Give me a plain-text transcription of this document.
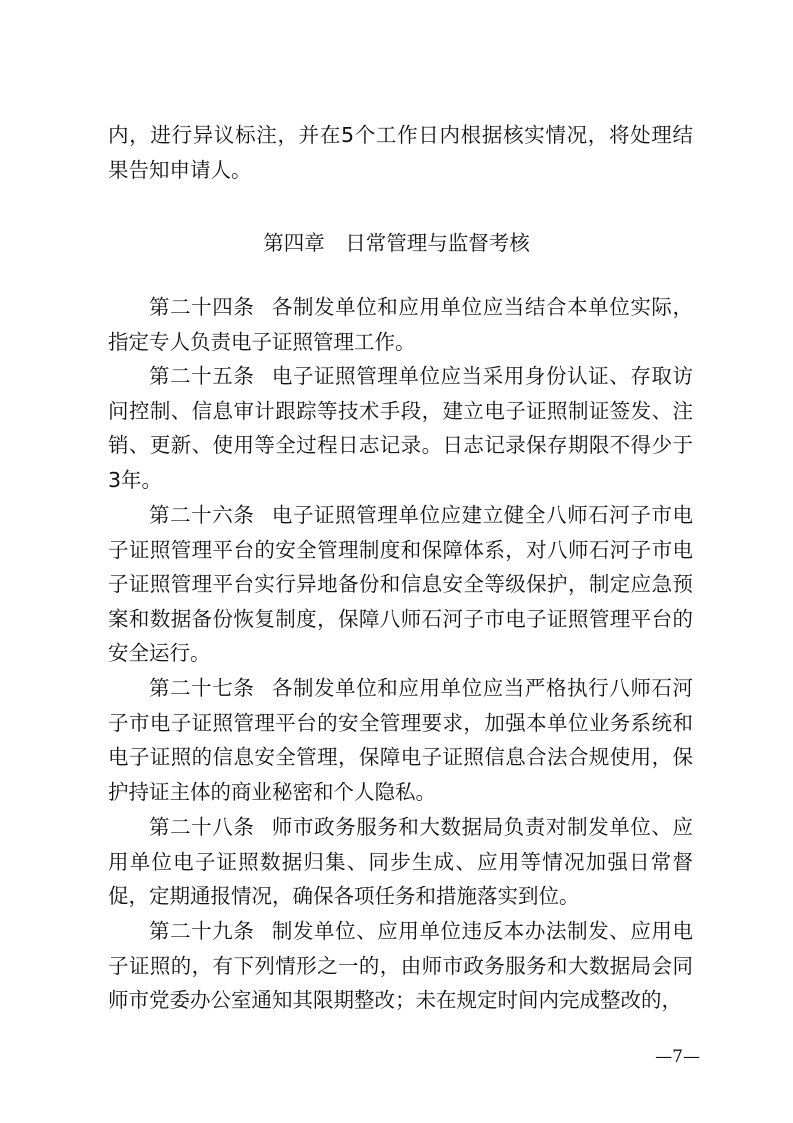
内，进行异议标注，并在5个工作日内根据核实情况，将处理结果告知申请人。
第四章 日常管理与监督考核
第二十四条 各制发单位和应用单位应当结合本单位实际，指定专人负责电子证照管理工作。
第二十五条 电子证照管理单位应当采用身份认证、存取访问控制、信息审计跟踪等技术手段，建立电子证照制证签发、注销、更新、使用等全过程日志记录。日志记录保存期限不得少于3年。
第二十六条 电子证照管理单位应建立健全八师石河子市电子证照管理平台的安全管理制度和保障体系，对八师石河子市电子证照管理平台实行异地备份和信息安全等级保护，制定应急预案和数据备份恢复制度，保障八师石河子市电子证照管理平台的安全运行。
第二十七条 各制发单位和应用单位应当严格执行八师石河子市电子证照管理平台的安全管理要求，加强本单位业务系统和电子证照的信息安全管理，保障电子证照信息合法合规使用，保护持证主体的商业秘密和个人隐私。
第二十八条 师市政务服务和大数据局负责对制发单位、应用单位电子证照数据归集、同步生成、应用等情况加强日常督促，定期通报情况，确保各项任务和措施落实到位。
第二十九条 制发单位、应用单位违反本办法制发、应用电子证照的，有下列情形之一的，由师市政务服务和大数据局会同师市党委办公室通知其限期整改；未在规定时间内完成整改的，
—7—
